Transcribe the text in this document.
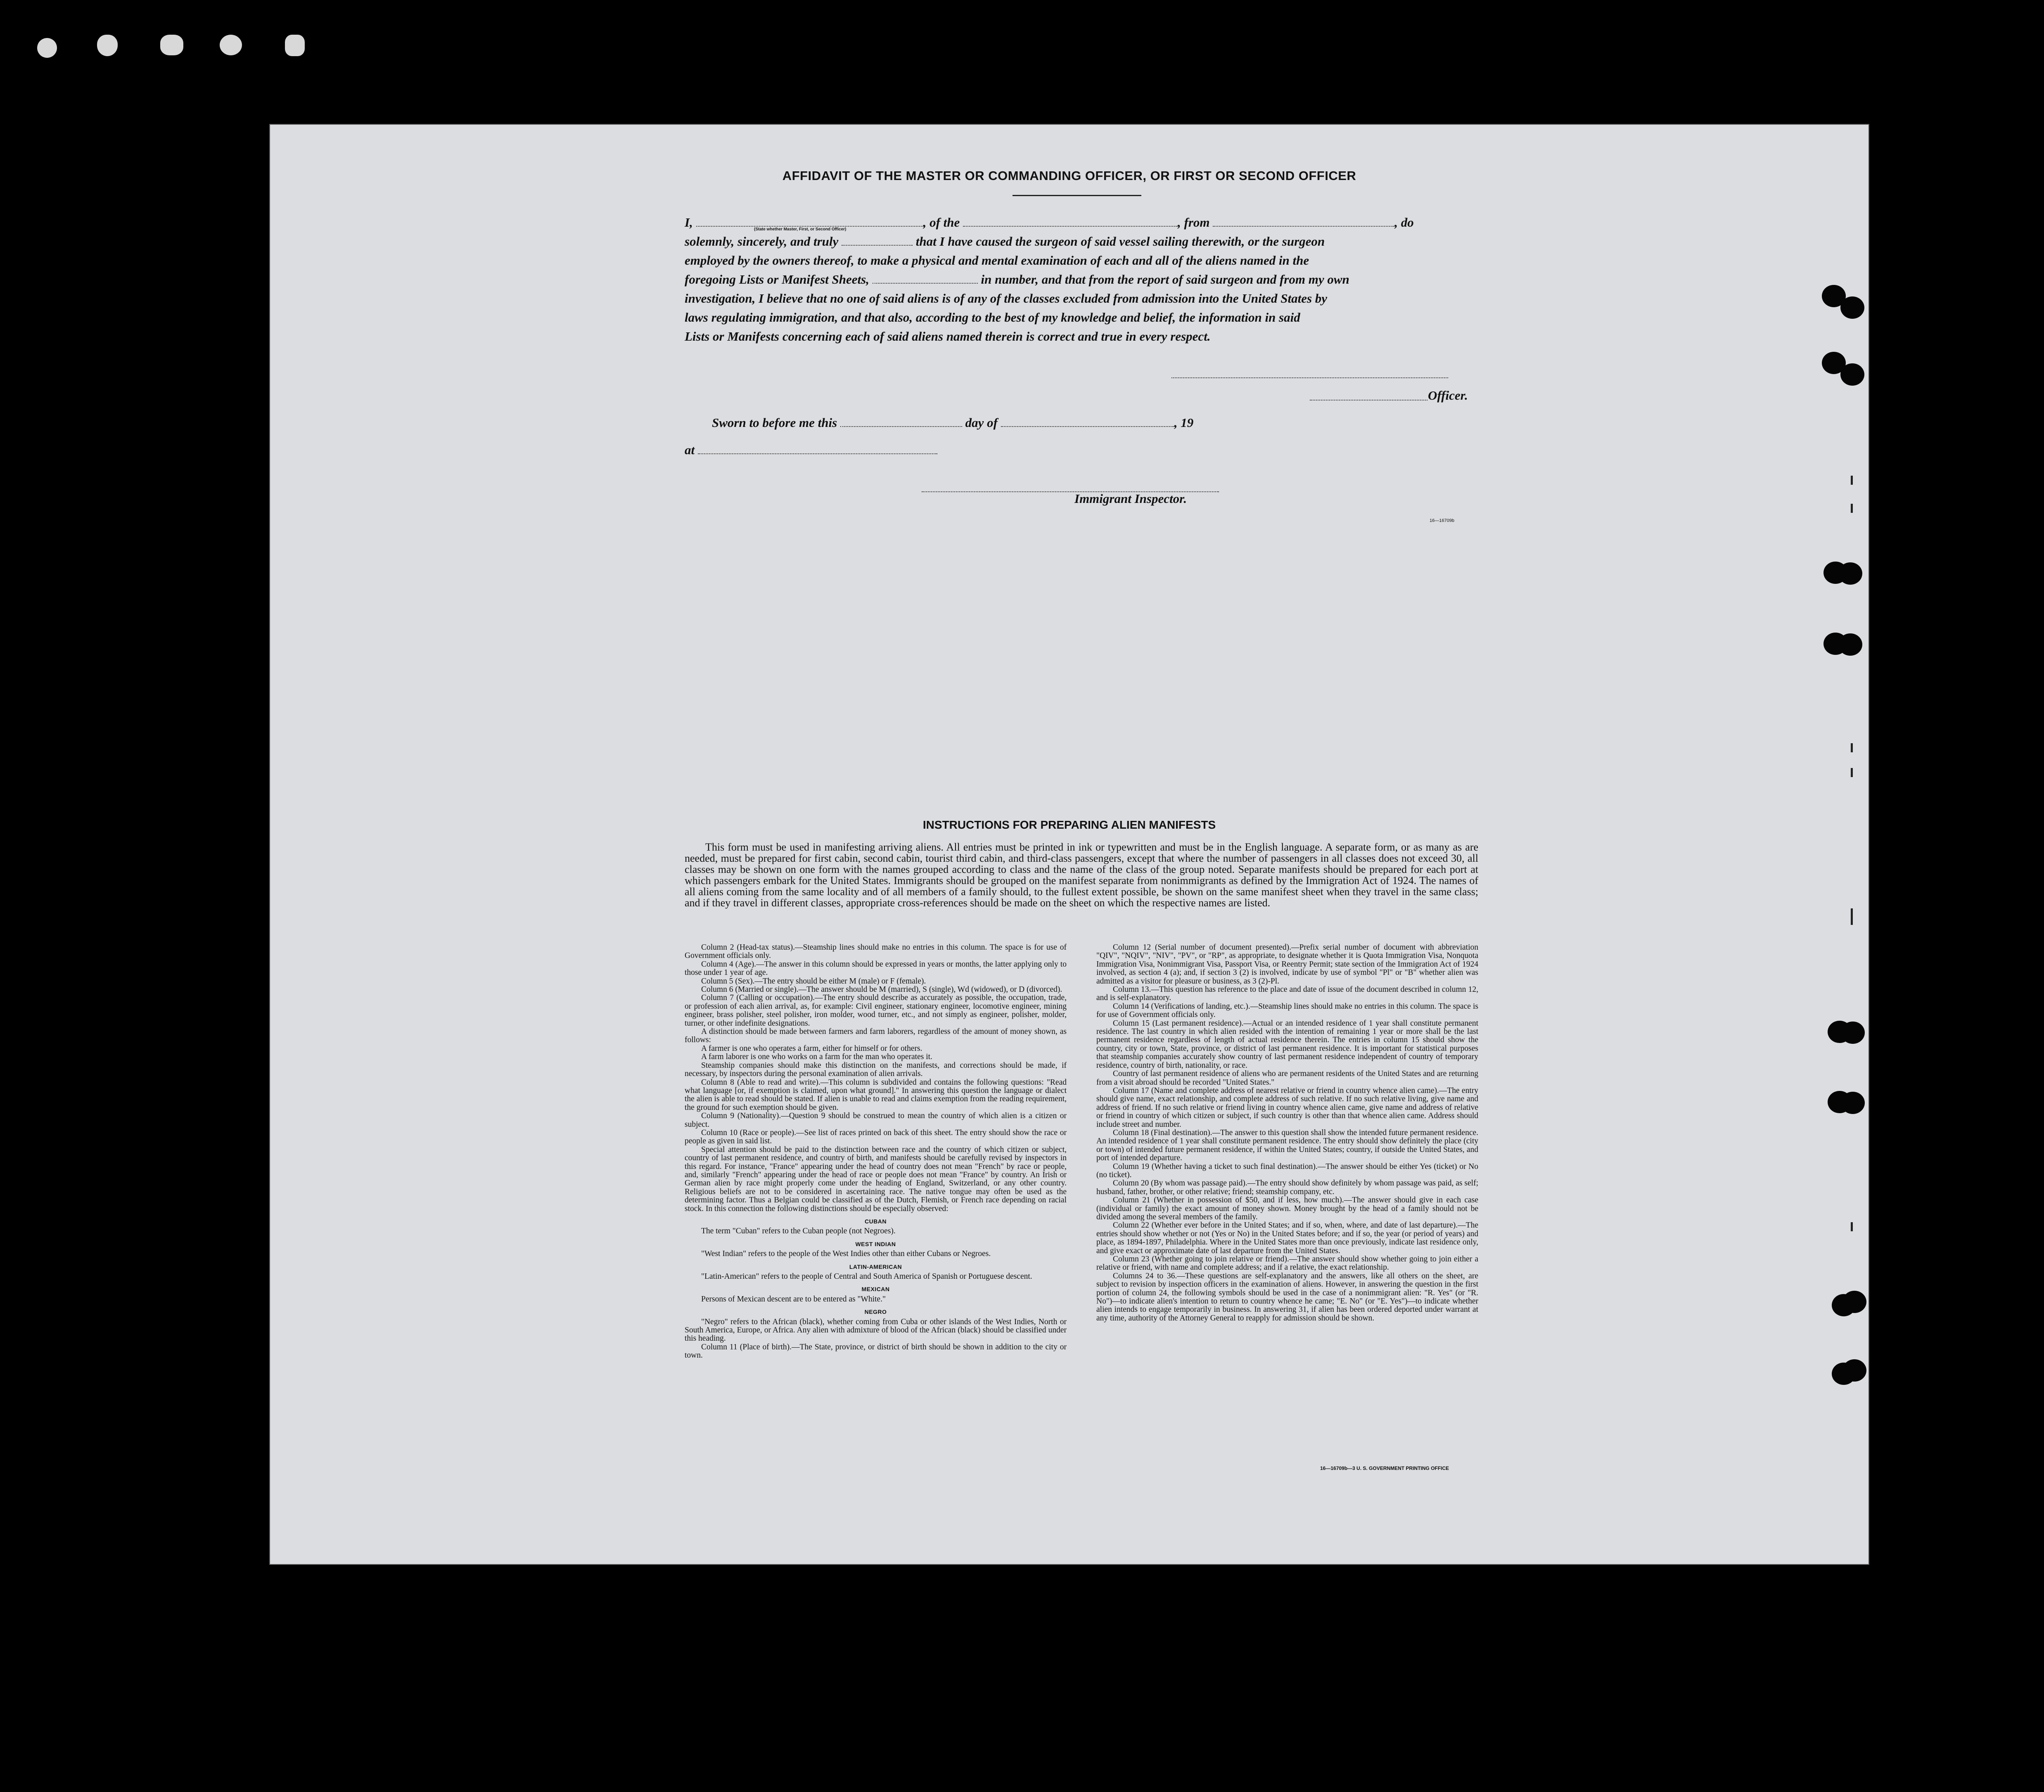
AFFIDAVIT OF THE MASTER OR COMMANDING OFFICER, OR FIRST OR SECOND OFFICER
I,	, of the	, from	, do
(State whether Master, First, or Second Officer)
solemnly, sincerely, and truly	that I have caused the surgeon of said vessel sailing therewith, or the surgeon
employed by the owners thereof, to make a physical and mental examination of each and all of the aliens named in the
foregoing Lists or Manifest Sheets,	in number, and that from the report of said surgeon and from my own
investigation, I believe that no one of said aliens is of any of the classes excluded from admission into the United States by
laws regulating immigration, and that also, according to the best of my knowledge and belief, the information in said
Lists or Manifests concerning each of said aliens named therein is correct and true in every respect.
Officer.
Sworn to before me this	day of	, 19
at
Immigrant Inspector.
16—16709b
INSTRUCTIONS FOR PREPARING ALIEN MANIFESTS
This form must be used in manifesting arriving aliens. All entries must be printed in ink or typewritten and must be in the English language. A separate form, or as many as are needed, must be prepared for first cabin, second cabin, tourist third cabin, and third-class passengers, except that where the number of passengers in all classes does not exceed 30, all classes may be shown on one form with the names grouped according to class and the name of the class of the group noted. Separate manifests should be prepared for each port at which passengers embark for the United States. Immigrants should be grouped on the manifest separate from nonimmigrants as defined by the Immigration Act of 1924. The names of all aliens coming from the same locality and of all members of a family should, to the fullest extent possible, be shown on the same manifest sheet when they travel in the same class; and if they travel in different classes, appropriate cross-references should be made on the sheet on which the respective names are listed.

Column 2 (Head-tax status).—Steamship lines should make no entries in this column. The space is for use of Government officials only.

Column 4 (Age).—The answer in this column should be expressed in years or months, the latter applying only to those under 1 year of age.

Column 5 (Sex).—The entry should be either M (male) or F (female).

Column 6 (Married or single).—The answer should be M (married), S (single), Wd (widowed), or D (divorced).

Column 7 (Calling or occupation).—The entry should describe as accurately as possible, the occupation, trade, or profession of each alien arrival, as, for example: Civil engineer, stationary engineer, locomotive engineer, mining engineer, brass polisher, steel polisher, iron molder, wood turner, etc., and not simply as engineer, polisher, molder, turner, or other indefinite designations.

A distinction should be made between farmers and farm laborers, regardless of the amount of money shown, as follows:

A farmer is one who operates a farm, either for himself or for others.

A farm laborer is one who works on a farm for the man who operates it.

Steamship companies should make this distinction on the manifests, and corrections should be made, if necessary, by inspectors during the personal examination of alien arrivals.

Column 8 (Able to read and write).—This column is subdivided and contains the following questions: "Read what language [or, if exemption is claimed, upon what ground]." In answering this question the language or dialect the alien is able to read should be stated. If alien is unable to read and claims exemption from the reading requirement, the ground for such exemption should be given.

Column 9 (Nationality).—Question 9 should be construed to mean the country of which alien is a citizen or subject.

Column 10 (Race or people).—See list of races printed on back of this sheet. The entry should show the race or people as given in said list.

Special attention should be paid to the distinction between race and the country of which citizen or subject, country of last permanent residence, and country of birth, and manifests should be carefully revised by inspectors in this regard. For instance, "France" appearing under the head of country does not mean "French" by race or people, and, similarly "French" appearing under the head of race or people does not mean "France" by country. An Irish or German alien by race might properly come under the heading of England, Switzerland, or any other country. Religious beliefs are not to be considered in ascertaining race. The native tongue may often be used as the determining factor. Thus a Belgian could be classified as of the Dutch, Flemish, or French race depending on racial stock. In this connection the following distinctions should be especially observed:

CUBAN

The term "Cuban" refers to the Cuban people (not Negroes).

WEST INDIAN

"West Indian" refers to the people of the West Indies other than either Cubans or Negroes.

LATIN-AMERICAN

"Latin-American" refers to the people of Central and South America of Spanish or Portuguese descent.

MEXICAN

Persons of Mexican descent are to be entered as "White."

NEGRO

"Negro" refers to the African (black), whether coming from Cuba or other islands of the West Indies, North or South America, Europe, or Africa. Any alien with admixture of blood of the African (black) should be classified under this heading.

Column 11 (Place of birth).—The State, province, or district of birth should be shown in addition to the city or town.

Column 12 (Serial number of document presented).—Prefix serial number of document with abbreviation "QIV", "NQIV", "NIV", "PV", or "RP", as appropriate, to designate whether it is Quota Immigration Visa, Nonquota Immigration Visa, Nonimmigrant Visa, Passport Visa, or Reentry Permit; state section of the Immigration Act of 1924 involved, as section 4 (a); and, if section 3 (2) is involved, indicate by use of symbol "Pl" or "B" whether alien was admitted as a visitor for pleasure or business, as 3 (2)-Pl.

Column 13.—This question has reference to the place and date of issue of the document described in column 12, and is self-explanatory.

Column 14 (Verifications of landing, etc.).—Steamship lines should make no entries in this column. The space is for use of Government officials only.

Column 15 (Last permanent residence).—Actual or an intended residence of 1 year shall constitute permanent residence. The last country in which alien resided with the intention of remaining 1 year or more shall be the last permanent residence regardless of length of actual residence therein. The entries in column 15 should show the country, city or town, State, province, or district of last permanent residence. It is important for statistical purposes that steamship companies accurately show country of last permanent residence independent of country of temporary residence, country of birth, nationality, or race.

Country of last permanent residence of aliens who are permanent residents of the United States and are returning from a visit abroad should be recorded "United States."

Column 17 (Name and complete address of nearest relative or friend in country whence alien came).—The entry should give name, exact relationship, and complete address of such relative. If no such relative living, give name and address of friend. If no such relative or friend living in country whence alien came, give name and address of relative or friend in country of which citizen or subject, if such country is other than that whence alien came. Address should include street and number.

Column 18 (Final destination).—The answer to this question shall show the intended future permanent residence. An intended residence of 1 year shall constitute permanent residence. The entry should show definitely the place (city or town) of intended future permanent residence, if within the United States; country, if outside the United States, and port of intended departure.

Column 19 (Whether having a ticket to such final destination).—The answer should be either Yes (ticket) or No (no ticket).

Column 20 (By whom was passage paid).—The entry should show definitely by whom passage was paid, as self; husband, father, brother, or other relative; friend; steamship company, etc.

Column 21 (Whether in possession of $50, and if less, how much).—The answer should give in each case (individual or family) the exact amount of money shown. Money brought by the head of a family should not be divided among the several members of the family.

Column 22 (Whether ever before in the United States; and if so, when, where, and date of last departure).—The entries should show whether or not (Yes or No) in the United States before; and if so, the year (or period of years) and place, as 1894-1897, Philadelphia. Where in the United States more than once previously, indicate last residence only, and give exact or approximate date of last departure from the United States.

Column 23 (Whether going to join relative or friend).—The answer should show whether going to join either a relative or friend, with name and complete address; and if a relative, the exact relationship.

Columns 24 to 36.—These questions are self-explanatory and the answers, like all others on the sheet, are subject to revision by inspection officers in the examination of aliens. However, in answering the question in the first portion of column 24, the following symbols should be used in the case of a nonimmigrant alien: "R. Yes" (or "R. No")—to indicate alien's intention to return to country whence he came; "E. No" (or "E. Yes")—to indicate whether alien intends to engage temporarily in business. In answering 31, if alien has been ordered deported under warrant at any time, authority of the Attorney General to reapply for admission should be shown.

16—16709b—3 U. S. GOVERNMENT PRINTING OFFICE
